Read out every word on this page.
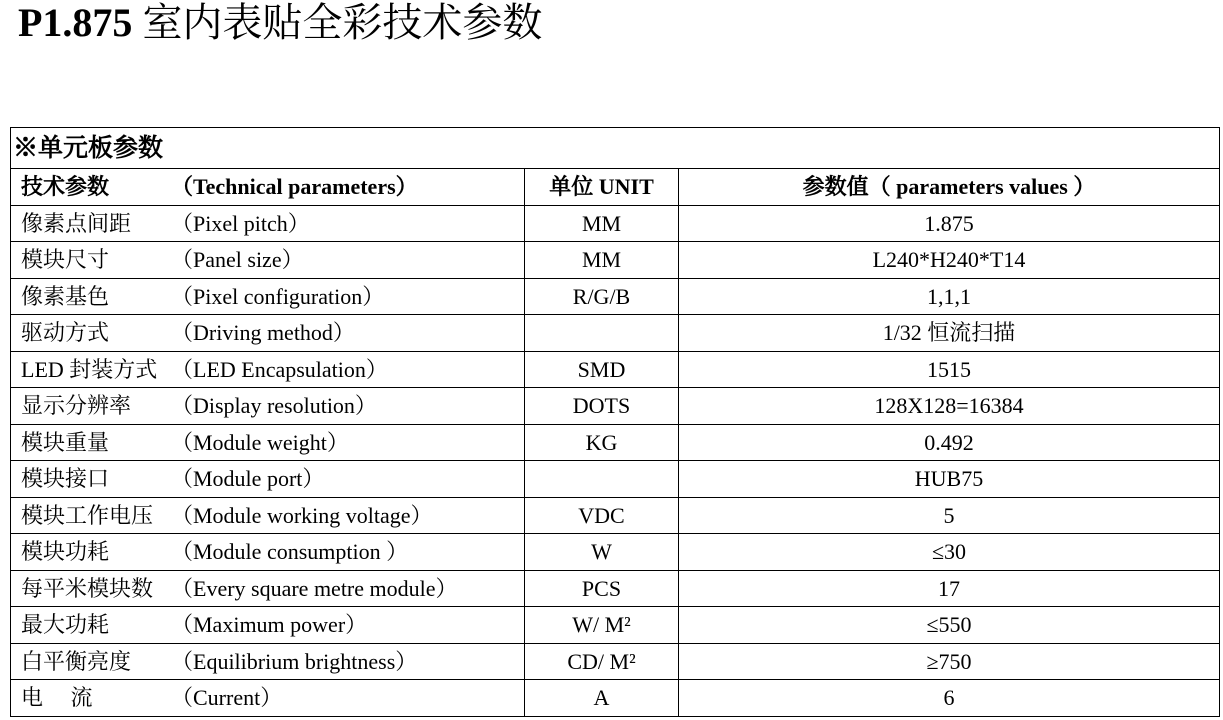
P1.875 室内表贴全彩技术参数
※单元板参数		
技术参数 （Technical parameters）	单位 UNIT	参数值（ parameters values ）
像素点间距 （Pixel pitch）	MM	1.875
模块尺寸 （Panel size）	MM	L240*H240*T14
像素基色 （Pixel configuration）	R/G/B	1,1,1
驱动方式 （Driving method）		1/32 恒流扫描
LED 封装方式 （LED Encapsulation）	SMD	1515
显示分辨率 （Display resolution）	DOTS	128X128=16384
模块重量 （Module weight）	KG	0.492
模块接口 （Module port）		HUB75
模块工作电压 （Module working voltage）	VDC	5
模块功耗 （Module consumption ）	W	≤30
每平米模块数 （Every square metre module）	PCS	17
最大功耗 （Maximum power）	W/ M²	≤550
白平衡亮度 （Equilibrium brightness）	CD/ M²	≥750
电　 流 （Current）	A	6
